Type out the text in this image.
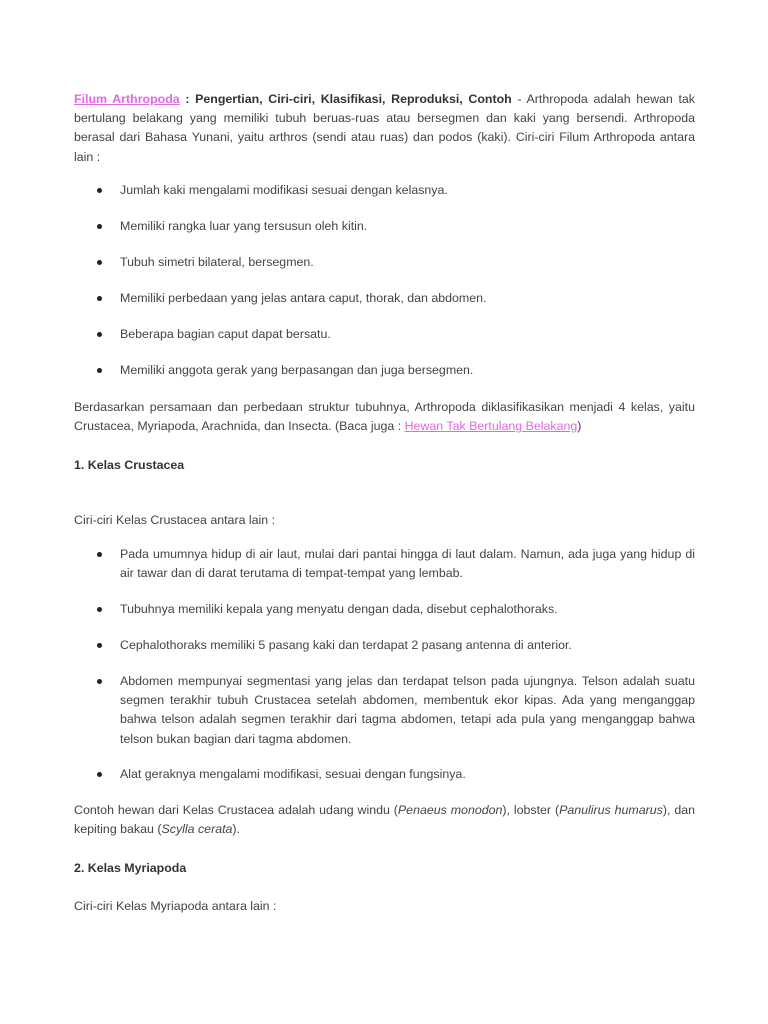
Filum Arthropoda : Pengertian, Ciri-ciri, Klasifikasi, Reproduksi, Contoh - Arthropoda adalah hewan tak bertulang belakang yang memiliki tubuh beruas-ruas atau bersegmen dan kaki yang bersendi. Arthropoda berasal dari Bahasa Yunani, yaitu arthros (sendi atau ruas) dan podos (kaki). Ciri-ciri Filum Arthropoda antara lain :

Jumlah kaki mengalami modifikasi sesuai dengan kelasnya.
Memiliki rangka luar yang tersusun oleh kitin.
Tubuh simetri bilateral, bersegmen.
Memiliki perbedaan yang jelas antara caput, thorak, dan abdomen.
Beberapa bagian caput dapat bersatu.
Memiliki anggota gerak yang berpasangan dan juga bersegmen.

Berdasarkan persamaan dan perbedaan struktur tubuhnya, Arthropoda diklasifikasikan menjadi 4 kelas, yaitu Crustacea, Myriapoda, Arachnida, dan Insecta. (Baca juga : Hewan Tak Bertulang Belakang)

1. Kelas Crustacea

Ciri-ciri Kelas Crustacea antara lain :

Pada umumnya hidup di air laut, mulai dari pantai hingga di laut dalam. Namun, ada juga yang hidup di air tawar dan di darat terutama di tempat-tempat yang lembab.
Tubuhnya memiliki kepala yang menyatu dengan dada, disebut cephalothoraks.
Cephalothoraks memiliki 5 pasang kaki dan terdapat 2 pasang antenna di anterior.
Abdomen mempunyai segmentasi yang jelas dan terdapat telson pada ujungnya. Telson adalah suatu segmen terakhir tubuh Crustacea setelah abdomen, membentuk ekor kipas. Ada yang menganggap bahwa telson adalah segmen terakhir dari tagma abdomen, tetapi ada pula yang menganggap bahwa telson bukan bagian dari tagma abdomen.
Alat geraknya mengalami modifikasi, sesuai dengan fungsinya.

Contoh hewan dari Kelas Crustacea adalah udang windu (Penaeus monodon), lobster (Panulirus humarus), dan kepiting bakau (Scylla cerata).

2. Kelas Myriapoda

Ciri-ciri Kelas Myriapoda antara lain :
